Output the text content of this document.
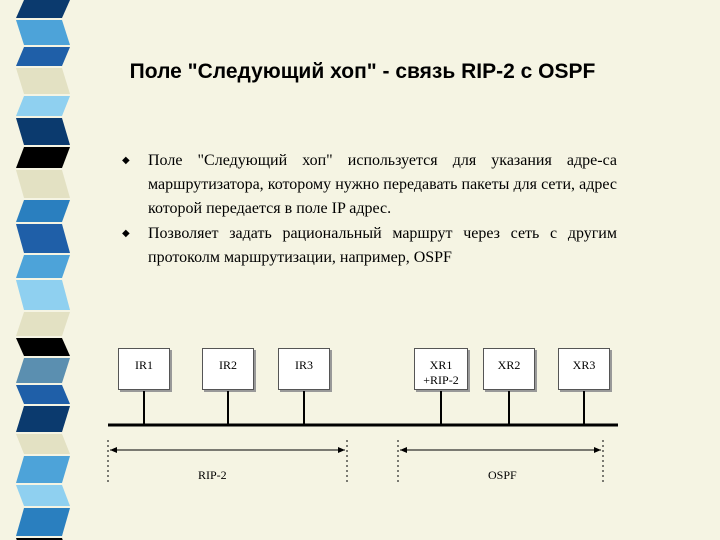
Поле "Следующий хоп" - связь RIP-2 с OSPF
◆ Поле "Следующий хоп" используется для указания адре-са маршрутизатора, которому нужно передавать пакеты для сети, адрес которой передается в поле IP адрес.
◆ Позволяет задать рациональный маршрут через сеть с другим протоколм маршрутизации, например, OSPF
IR1	IR2	IR3	XR1
+RIP-2
XR2	XR3
RIP-2	OSPF
